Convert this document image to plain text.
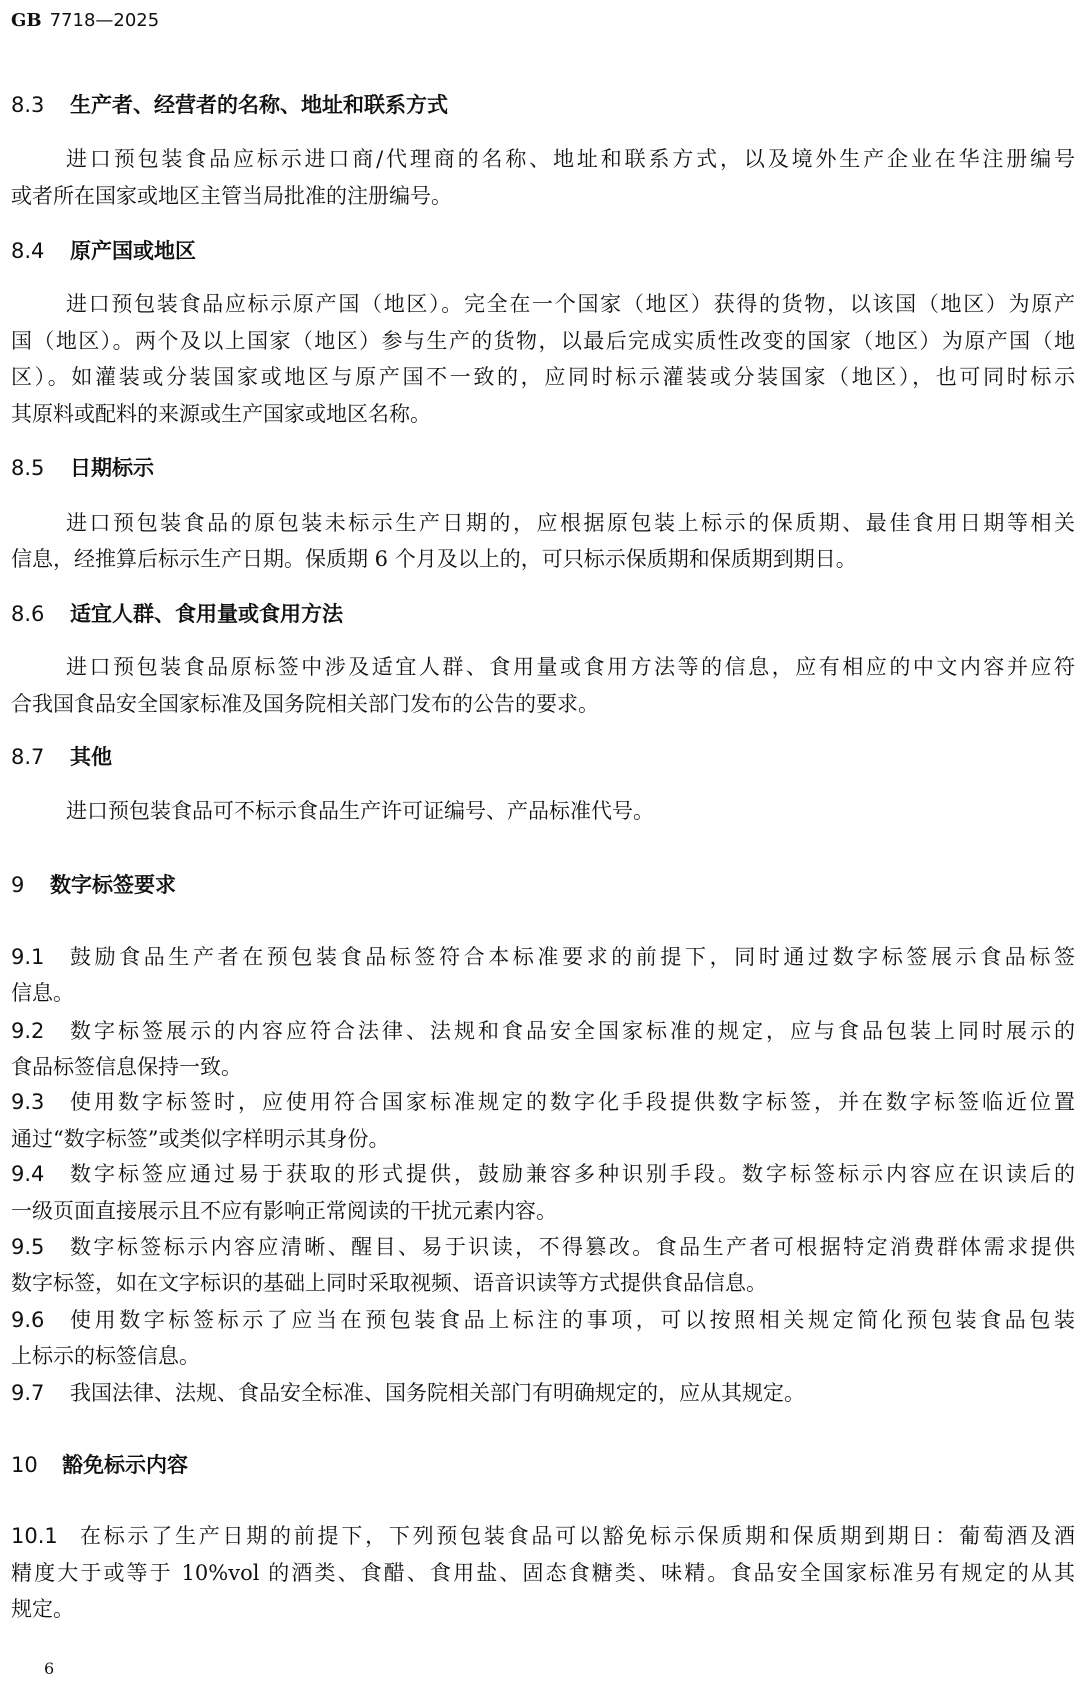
GB 7718—2025
8.3	生产者、经营者的名称、地址和联系方式
进口预包装食品应标示进口商/代理商的名称、地址和联系方式，以及境外生产企业在华注册编号
或者所在国家或地区主管当局批准的注册编号。
8.4	原产国或地区
进口预包装食品应标示原产国（地区）。完全在一个国家（地区）获得的货物，以该国（地区）为原产
国（地区）。两个及以上国家（地区）参与生产的货物，以最后完成实质性改变的国家（地区）为原产国（地
区）。如灌装或分装国家或地区与原产国不一致的，应同时标示灌装或分装国家（地区），也可同时标示
其原料或配料的来源或生产国家或地区名称。
8.5	日期标示
进口预包装食品的原包装未标示生产日期的，应根据原包装上标示的保质期、最佳食用日期等相关
信息，经推算后标示生产日期。保质期 6 个月及以上的，可只标示保质期和保质期到期日。
8.6	适宜人群、食用量或食用方法
进口预包装食品原标签中涉及适宜人群、食用量或食用方法等的信息，应有相应的中文内容并应符
合我国食品安全国家标准及国务院相关部门发布的公告的要求。
8.7	其他
进口预包装食品可不标示食品生产许可证编号、产品标准代号。
9	数字标签要求
9.1	鼓励食品生产者在预包装食品标签符合本标准要求的前提下，同时通过数字标签展示食品标签
信息。
9.2	数字标签展示的内容应符合法律、法规和食品安全国家标准的规定，应与食品包装上同时展示的
食品标签信息保持一致。
9.3	使用数字标签时，应使用符合国家标准规定的数字化手段提供数字标签，并在数字标签临近位置
通过“数字标签”或类似字样明示其身份。
9.4	数字标签应通过易于获取的形式提供，鼓励兼容多种识别手段。数字标签标示内容应在识读后的
一级页面直接展示且不应有影响正常阅读的干扰元素内容。
9.5	数字标签标示内容应清晰、醒目、易于识读，不得篡改。食品生产者可根据特定消费群体需求提供
数字标签，如在文字标识的基础上同时采取视频、语音识读等方式提供食品信息。
9.6	使用数字标签标示了应当在预包装食品上标注的事项，可以按照相关规定简化预包装食品包装
上标示的标签信息。
9.7	我国法律、法规、食品安全标准、国务院相关部门有明确规定的，应从其规定。
10	豁免标示内容
10.1	在标示了生产日期的前提下，下列预包装食品可以豁免标示保质期和保质期到期日：葡萄酒及酒
精度大于或等于 10%vol 的酒类、食醋、食用盐、固态食糖类、味精。食品安全国家标准另有规定的从其
规定。
6
